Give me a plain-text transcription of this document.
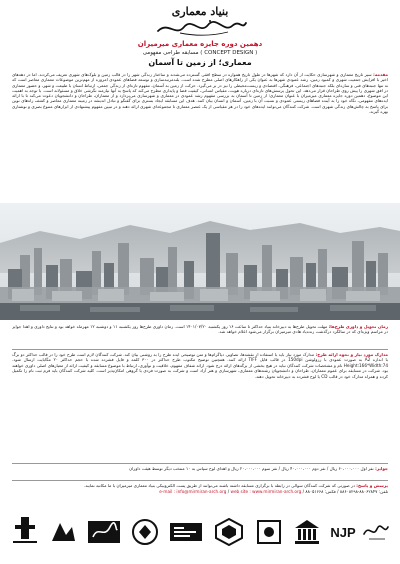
بنیاد معماری
دهمین دوره جایزه معماری میرمیران
مسابقه طراحی مفهومی ( CONCEPT DESIGN )
معماری؛ از زمین تا آسمان
مقدمه: سیر تاریخ معماری و شهرسازی حکایت از آن دارد که شهرها در طول تاریخ همواره در سطح افقی گسترده می‌شدند و ساختار زندگی شهر را در قالب زمین و بلوک‌های شهری تعریف می‌کردند. اما در دهه‌های اخیر با افزایش جمعیت شهری و کمبود زمین، رشد عمودی شهرها به عنوان یکی از راهکارهای اصلی مطرح شده است. بلندمرتبه‌سازی و توسعه فضاهای عمودی امروزه از مهم‌ترین موضوعات معماری معاصر است که نه تنها جنبه‌های فنی و سازه‌ای بلکه جنبه‌های اجتماعی، فرهنگی، اقتصادی و زیست‌محیطی را نیز در بر می‌گیرد. حرکت از زمین به آسمان، مفهوم تازه‌ای از زندگی جمعی، ارتباط انسان با طبیعت و شهر، و حضور معماری در افق شهری را پیش روی طراحان قرار می‌دهد. این تحول پرسش‌های تازه‌ای درباره هویت، مقیاس انسانی، کیفیت فضا و پایداری مطرح می‌کند که پاسخ به آنها نیازمند نگرشی خلاق و مسئولانه است. با توجه به اهمیت این موضوع، دهمین دوره جایزه معماری میرمیران با عنوان معماری؛ از زمین تا آسمان به بررسی مفهوم رشد عمودی در معماری و شهرسازی می‌پردازد و از معماران، طراحان و دانشجویان دعوت می‌کند تا با ارائه ایده‌های مفهومی، نگاه خود را به آینده فضاهای زیستی عمودی و نسبت آن با زمین، آسمان و انسان بیان کنند. هدف این مسابقه ایجاد بستری برای گفتگو و تبادل اندیشه در زمینه معماری معاصر و کشف راه‌های نوین برای پاسخ به چالش‌های زندگی شهری است. شرکت کنندگان می‌توانند ایده‌های خود را در هر مقیاسی از یک عنصر معماری تا مجموعه‌ای شهری ارائه دهند و در تبیین مفهوم پیشنهادی از ابزارهای متنوع بصری و نوشتاری بهره گیرند.
زمان تحویل و داوری طرح‌ها: مهلت تحویل طرح‌ها به دبیرخانه بنیاد حداکثر تا ساعت ۱۶ روز یکشنبه ۱۴۰۱/۰۷/۲۰ است. زمان داوری طرح‌ها روز یکشنبه ۱۱ و دوشنبه ۱۲ مهرماه خواهد بود و نتایج داوری و اهدا جوایز در مراسم ویژه‌ای که در سالگرد درگذشت زنده‌یاد هادی میرمیران برگزار می‌شود اعلام خواهد شد.
مدارک مورد نیاز و نحوه ارائه طرح: مدارک مورد نیاز باید با استفاده از نقشه‌ها، تصاویر، دیاگرام‌ها و متن توضیحی ایده طرح را به روشنی بیان کند. شرکت کنندگان لازم است طرح خود را در قالب حداکثر دو برگ با اندازه A2 به صورت عمودی با رزولوشن 150dpi در قالب فایل TIFF ارائه کنند. همچنین توضیح مکتوب طرح حداکثر در ۳۰۰ کلمه و فایل فشرده شده با حجم حداکثر ۲۰ مگابایت ارسال شود. Height:166*Width:74 نام و مشخصات شرکت کنندگان نباید در هیچ بخشی از برگه‌های ارائه درج شود. ارائه شفاف مفهوم، خلاقیت و نوآوری، ارتباط با موضوع مسابقه و کیفیت ارائه از معیارهای اصلی داوری خواهند بود. شرکت در مسابقه برای عموم معماران، طراحان و دانشجویان رشته‌های معماری، شهرسازی و هنر آزاد است و شرکت به صورت فردی یا گروهی امکان‌پذیر است. کلیه شرکت کنندگان باید فرم ثبت نام را تکمیل کرده و همراه مدارک خود در قالب CD یا لوح فشرده به دبیرخانه تحویل دهند.
جوایز: نفر اول ۶۰،۰۰۰،۰۰۰ ریال / نفر دوم ۴۰،۰۰۰،۰۰۰ ریال / نفر سوم ۲۰،۰۰۰،۰۰۰ ریال و اهدای لوح سپاس به ۱۰ منتخب دیگر توسط هیئت داوران
پرسش و پاسخ: در صورتی که شرکت کنندگان سوالی در رابطه با برگزاری مسابقه داشته باشند می‌توانند از طریق پست الکترونیکی بنیاد معماری میرمیران با ما مکاتبه نمایند.
تلفن: ۸۸۰۶۲۸۴۷-۸۸۶۰۸۲۹۸ / فکس: ۸۸۰۵۱۶۶۸ / e-mail : info@mirmiran-arch.org / web site : www.mirmiran-arch.org
NJP
